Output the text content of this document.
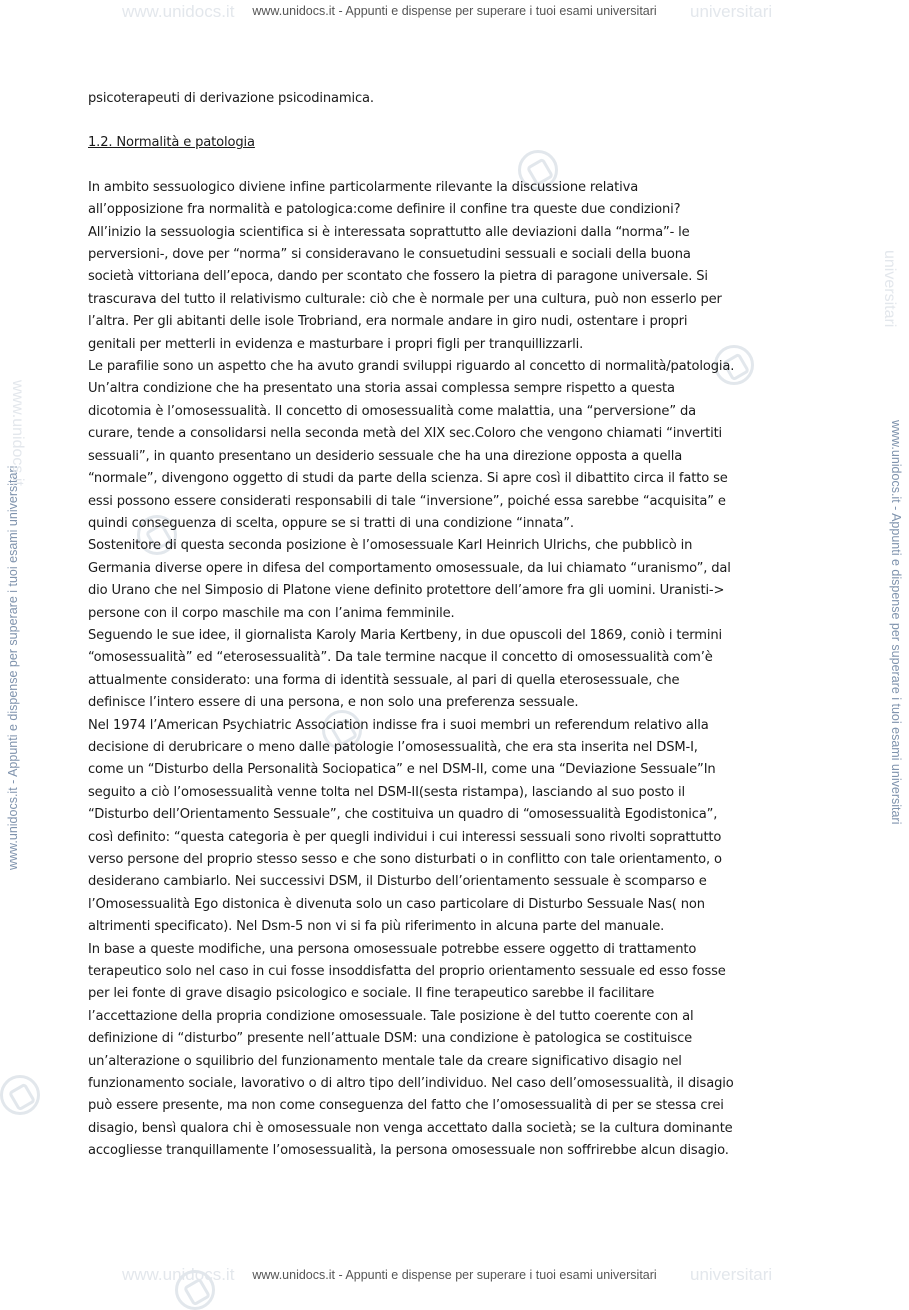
www.unidocs.it	universitari
www.unidocs.it	universitari
www.unidocs.it - Appunti e dispense per superare i tuoi esami universitari
www.unidocs.it - Appunti e dispense per superare i tuoi esami universitari
www.unidocs.it - Appunti e dispense per superare i tuoi esami universitari	www.unidocs.it - Appunti e dispense per superare i tuoi esami universitari
www.unidocs.it
universitari

psicoterapeuti di derivazione psicodinamica.

1.2. Normalità e patologia

In ambito sessuologico diviene infine particolarmente rilevante la discussione relativa

all’opposizione fra normalità e patologica:come definire il confine tra queste due condizioni?

All’inizio la sessuologia scientifica si è interessata soprattutto alle deviazioni dalla “norma”- le

perversioni-, dove per “norma” si consideravano le consuetudini sessuali e sociali della buona

società vittoriana dell’epoca, dando per scontato che fossero la pietra di paragone universale. Si

trascurava del tutto il relativismo culturale: ciò che è normale per una cultura, può non esserlo per

l’altra. Per gli abitanti delle isole Trobriand, era normale andare in giro nudi, ostentare i propri

genitali per metterli in evidenza e masturbare i propri figli per tranquillizzarli.

Le parafilie sono un aspetto che ha avuto grandi sviluppi riguardo al concetto di normalità/patologia.

Un’altra condizione che ha presentato una storia assai complessa sempre rispetto a questa

dicotomia è l’omosessualità. Il concetto di omosessualità come malattia, una “perversione” da

curare, tende a consolidarsi nella seconda metà del XIX sec.Coloro che vengono chiamati “invertiti

sessuali”, in quanto presentano un desiderio sessuale che ha una direzione opposta a quella

“normale”, divengono oggetto di studi da parte della scienza. Si apre così il dibattito circa il fatto se

essi possono essere considerati responsabili di tale “inversione”, poiché essa sarebbe “acquisita” e

quindi conseguenza di scelta, oppure se si tratti di una condizione “innata”.

Sostenitore di questa seconda posizione è l’omosessuale Karl Heinrich Ulrichs, che pubblicò in

Germania diverse opere in difesa del comportamento omosessuale, da lui chiamato “uranismo”, dal

dio Urano che nel Simposio di Platone viene definito protettore dell’amore fra gli uomini. Uranisti->

persone con il corpo maschile ma con l’anima femminile.

Seguendo le sue idee, il giornalista Karoly Maria Kertbeny, in due opuscoli del 1869, coniò i termini

“omosessualità” ed “eterosessualità”. Da tale termine nacque il concetto di omosessualità com’è

attualmente considerato: una forma di identità sessuale, al pari di quella eterosessuale, che

definisce l’intero essere di una persona, e non solo una preferenza sessuale.

Nel 1974 l’American Psychiatric Association indisse fra i suoi membri un referendum relativo alla

decisione di derubricare o meno dalle patologie l’omosessualità, che era sta inserita nel DSM-I,

come un “Disturbo della Personalità Sociopatica” e nel DSM-II, come una “Deviazione Sessuale”In

seguito a ciò l’omosessualità venne tolta nel DSM-II(sesta ristampa), lasciando al suo posto il

“Disturbo dell’Orientamento Sessuale”, che costituiva un quadro di “omosessualità Egodistonica”,

così definito: “questa categoria è per quegli individui i cui interessi sessuali sono rivolti soprattutto

verso persone del proprio stesso sesso e che sono disturbati o in conflitto con tale orientamento, o

desiderano cambiarlo. Nei successivi DSM, il Disturbo dell’orientamento sessuale è scomparso e

l’Omosessualità Ego distonica è divenuta solo un caso particolare di Disturbo Sessuale Nas( non

altrimenti specificato). Nel Dsm-5 non vi si fa più riferimento in alcuna parte del manuale.

In base a queste modifiche, una persona omosessuale potrebbe essere oggetto di trattamento

terapeutico solo nel caso in cui fosse insoddisfatta del proprio orientamento sessuale ed esso fosse

per lei fonte di grave disagio psicologico e sociale. Il fine terapeutico sarebbe il facilitare

l’accettazione della propria condizione omosessuale. Tale posizione è del tutto coerente con al

definizione di “disturbo” presente nell’attuale DSM: una condizione è patologica se costituisce

un’alterazione o squilibrio del funzionamento mentale tale da creare significativo disagio nel

funzionamento sociale, lavorativo o di altro tipo dell’individuo. Nel caso dell’omosessualità, il disagio

può essere presente, ma non come conseguenza del fatto che l’omosessualità di per se stessa crei

disagio, bensì qualora chi è omosessuale non venga accettato dalla società; se la cultura dominante

accogliesse tranquillamente l’omosessualità, la persona omosessuale non soffrirebbe alcun disagio.
